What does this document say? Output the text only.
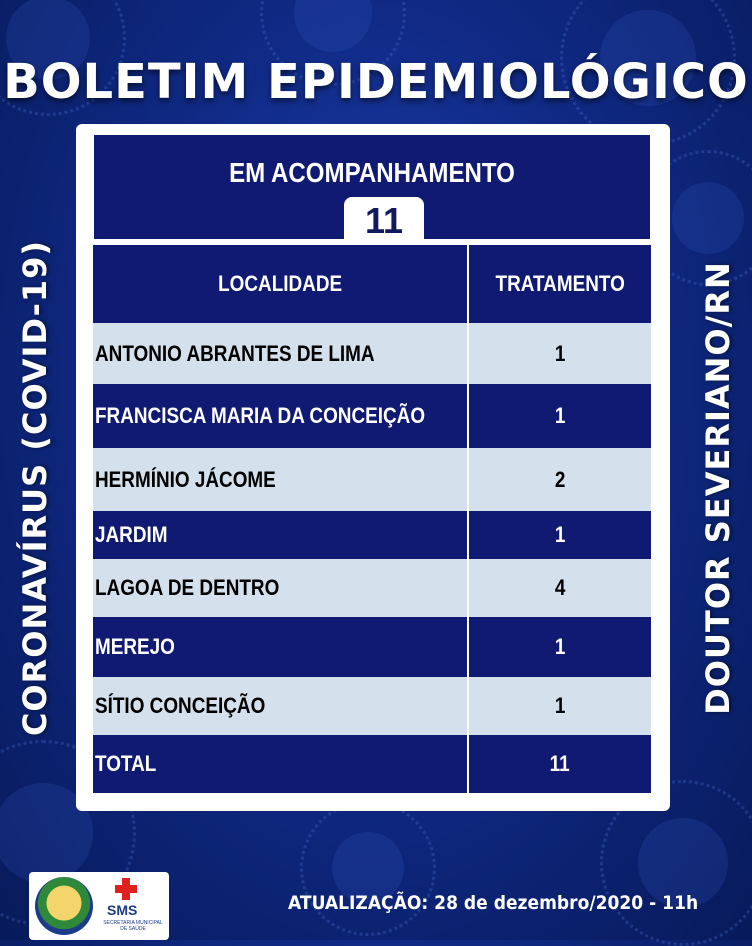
BOLETIM EPIDEMIOLÓGICO
CORONAVÍRUS (COVID-19)	DOUTOR SEVERIANO/RN
EM ACOMPANHAMENTO
11
LOCALIDADE	TRATAMENTO
ANTONIO ABRANTES DE LIMA	1
FRANCISCA MARIA DA CONCEIÇÃO	1
HERMÍNIO JÁCOME	2
JARDIM	1
LAGOA DE DENTRO	4
MEREJO	1
SÍTIO CONCEIÇÃO	1
TOTAL	11
SMS
SECRETARIA MUNICIPAL DE SAÚDE
ATUALIZAÇÃO: 28 de dezembro/2020 - 11h
